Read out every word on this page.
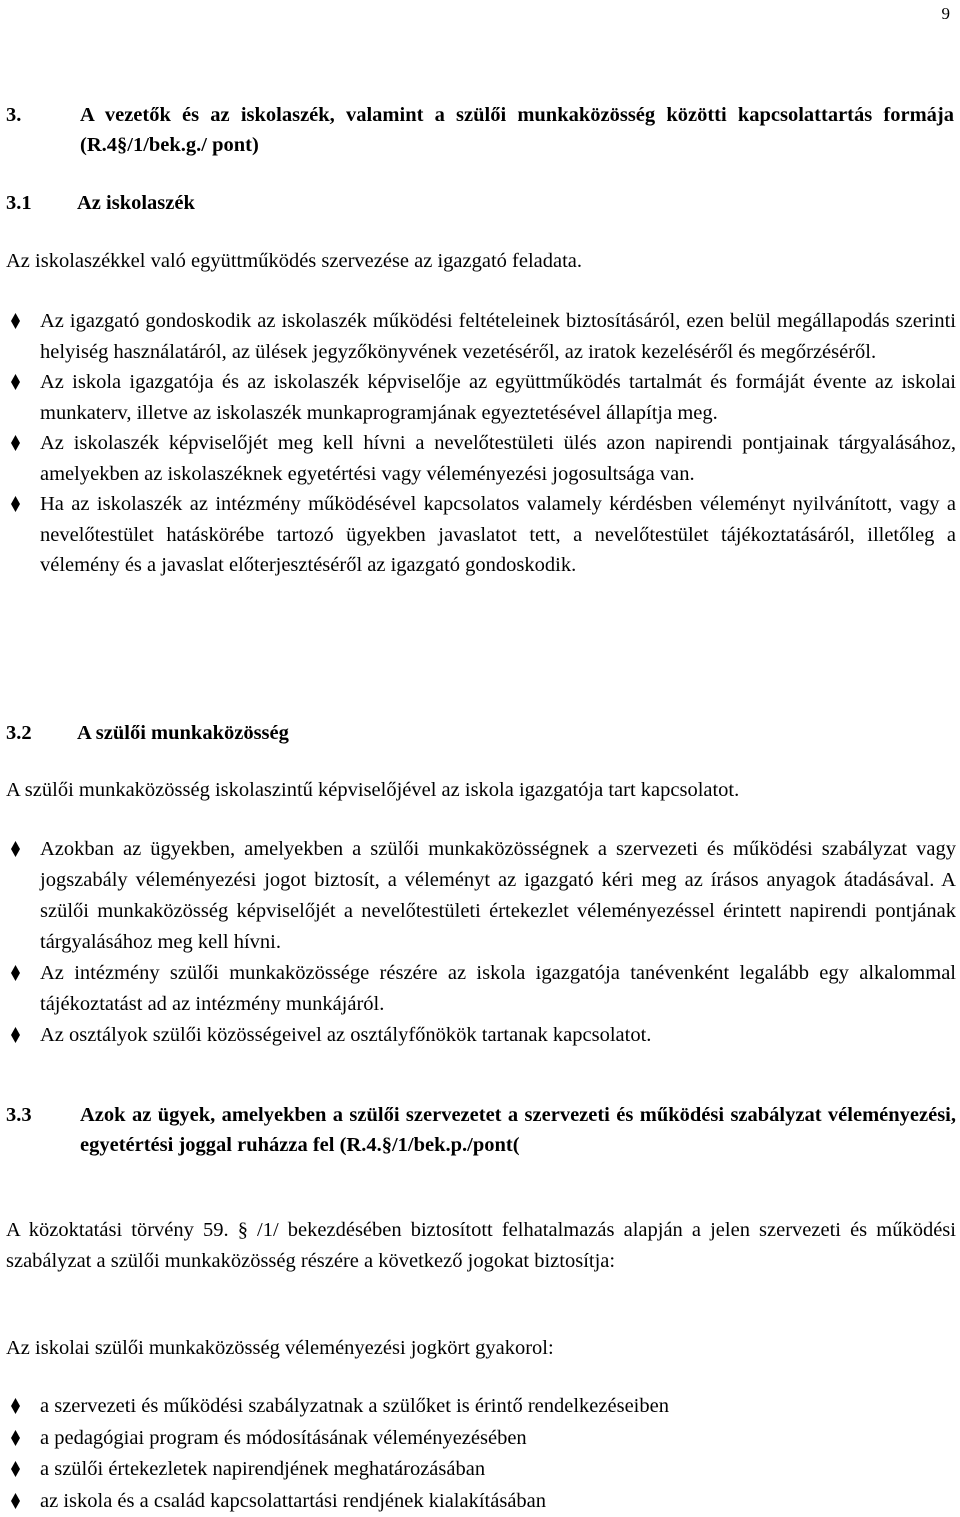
9
3.	A vezetők és az iskolaszék, valamint a szülői munkaközösség közötti kapcsolattartás formája (R.4§/1/bek.g./ pont)
3.1 Az iskolaszék
Az iskolaszékkel való együttműködés szervezése az igazgató feladata.
Az igazgató gondoskodik az iskolaszék működési feltételeinek biztosításáról, ezen belül megállapodás szerinti helyiség használatáról, az ülések jegyzőkönyvének vezetéséről, az iratok kezeléséről és megőrzéséről.
Az iskola igazgatója és az iskolaszék képviselője az együttműködés tartalmát és formáját évente az iskolai munkaterv, illetve az iskolaszék munkaprogramjának egyeztetésével állapítja meg.
Az iskolaszék képviselőjét meg kell hívni a nevelőtestületi ülés azon napirendi pontjainak tárgyalásához, amelyekben az iskolaszéknek egyetértési vagy véleményezési jogosultsága van.
Ha az iskolaszék az intézmény működésével kapcsolatos valamely kérdésben véleményt nyilvánított, vagy a nevelőtestület hatáskörébe tartozó ügyekben javaslatot tett, a nevelőtestület tájékoztatásáról, illetőleg a vélemény és a javaslat előterjesztéséről az igazgató gondoskodik.
3.2 A szülői munkaközösség
A szülői munkaközösség iskolaszintű képviselőjével az iskola igazgatója tart kapcsolatot.
Azokban az ügyekben, amelyekben a szülői munkaközösségnek a szervezeti és működési szabályzat vagy jogszabály véleményezési jogot biztosít, a véleményt az igazgató kéri meg az írásos anyagok átadásával. A szülői munkaközösség képviselőjét a nevelőtestületi értekezlet véleményezéssel érintett napirendi pontjának tárgyalásához meg kell hívni.
Az intézmény szülői munkaközössége részére az iskola igazgatója tanévenként legalább egy alkalommal tájékoztatást ad az intézmény munkájáról.
Az osztályok szülői közösségeivel az osztályfőnökök tartanak kapcsolatot.
3.3 Azok az ügyek, amelyekben a szülői szervezetet a szervezeti és működési szabályzat véleményezési, egyetértési joggal ruházza fel (R.4.§/1/bek.p./pont(
A közoktatási törvény 59. § /1/ bekezdésében biztosított felhatalmazás alapján a jelen szervezeti és működési szabályzat a szülői munkaközösség részére a következő jogokat biztosítja:
Az iskolai szülői munkaközösség véleményezési jogkört gyakorol:
a szervezeti és működési szabályzatnak a szülőket is érintő rendelkezéseiben
a pedagógiai program és módosításának véleményezésében
a szülői értekezletek napirendjének meghatározásában
az iskola és a család kapcsolattartási rendjének kialakításában
